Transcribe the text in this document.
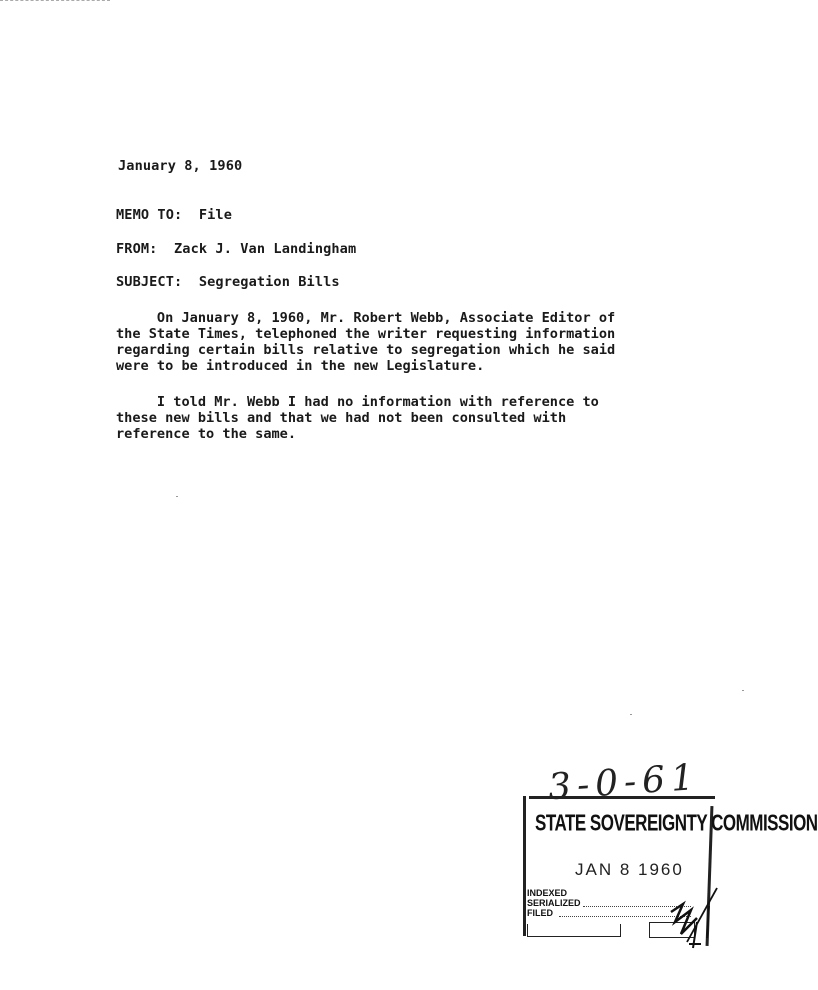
January 8, 1960
MEMO TO: File
FROM: Zack J. Van Landingham
SUBJECT: Segregation Bills
On January 8, 1960, Mr. Robert Webb, Associate Editor of
the State Times, telephoned the writer requesting information
regarding certain bills relative to segregation which he said
were to be introduced in the new Legislature.
I told Mr. Webb I had no information with reference to
these new bills and that we had not been consulted with
reference to the same.
3-0-61
STATE SOVEREIGNTY COMMISSION
JAN 8 1960
INDEXED
SERIALIZED
FILED
